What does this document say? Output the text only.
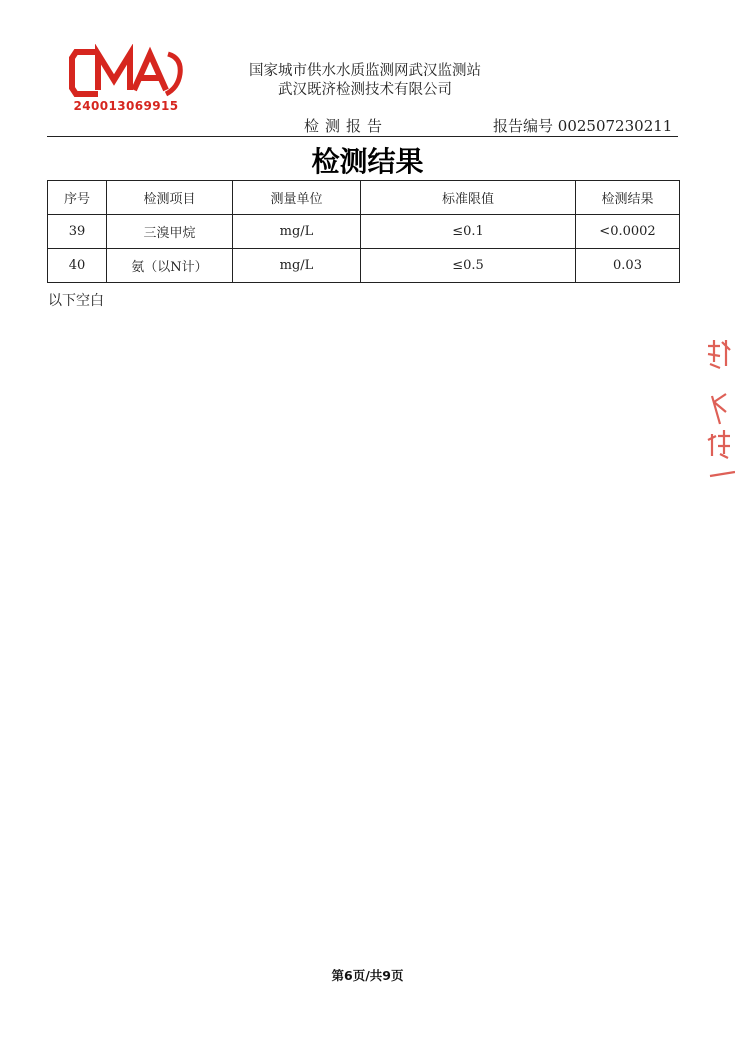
240013069915
国家城市供水水质监测网武汉监测站
武汉既济检测技术有限公司
检测报告	报告编号 002507230211
检测结果
序号	检测项目	测量单位	标准限值	检测结果
39	三溴甲烷	mg/L	≤0.1	<0.0002
40	氨（以N计）	mg/L	≤0.5	0.03
以下空白
第6页/共9页
